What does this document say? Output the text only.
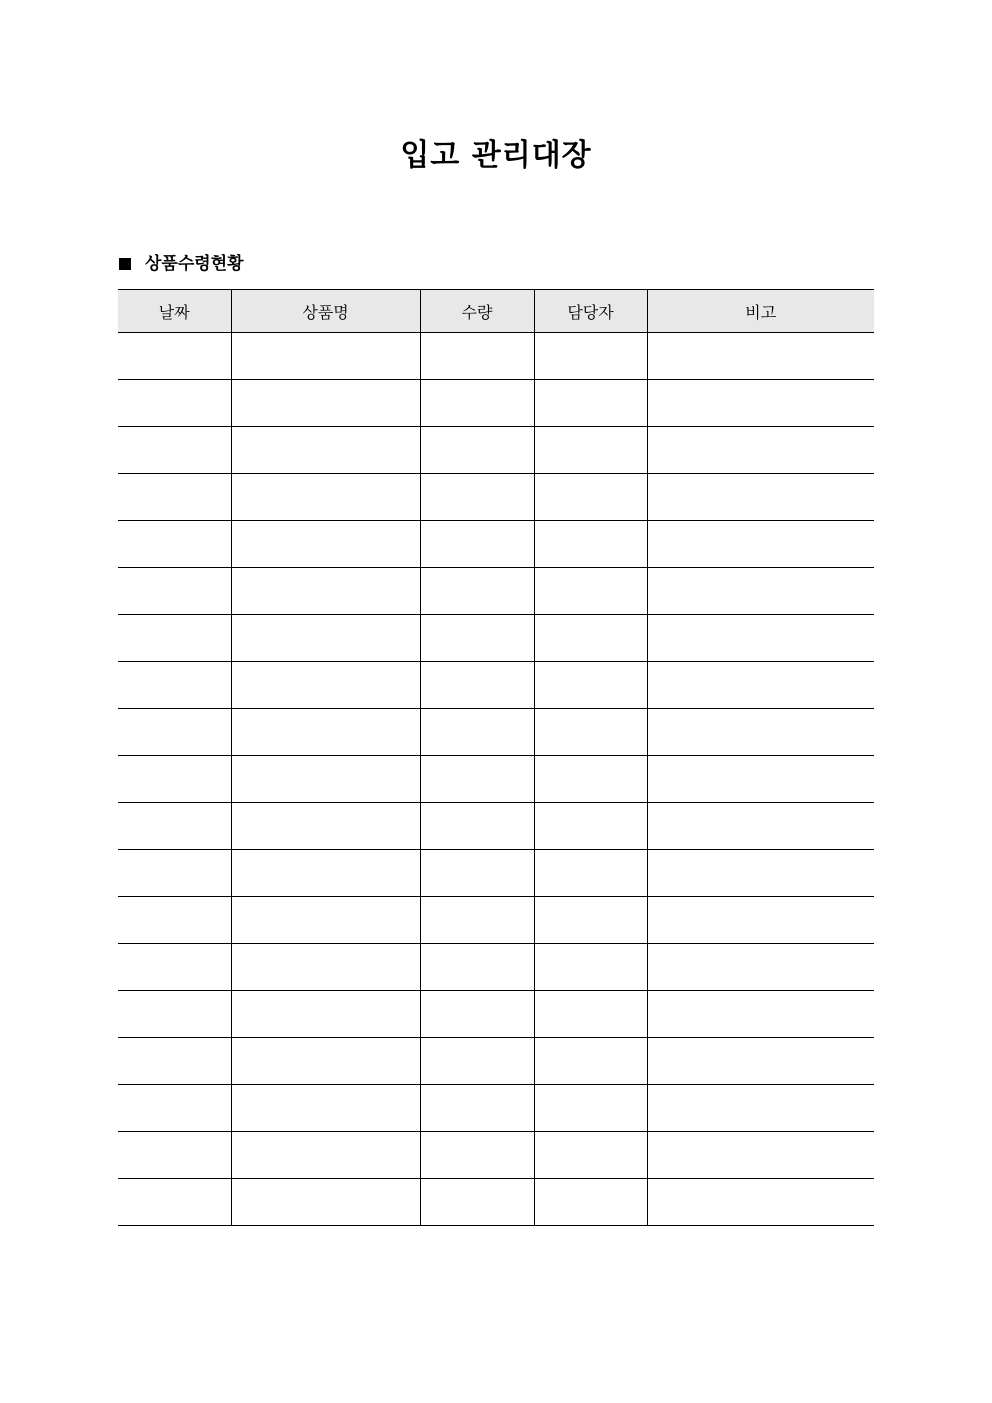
입고 관리대장
상품수령현황
날짜	상품명	수량	담당자	비고
